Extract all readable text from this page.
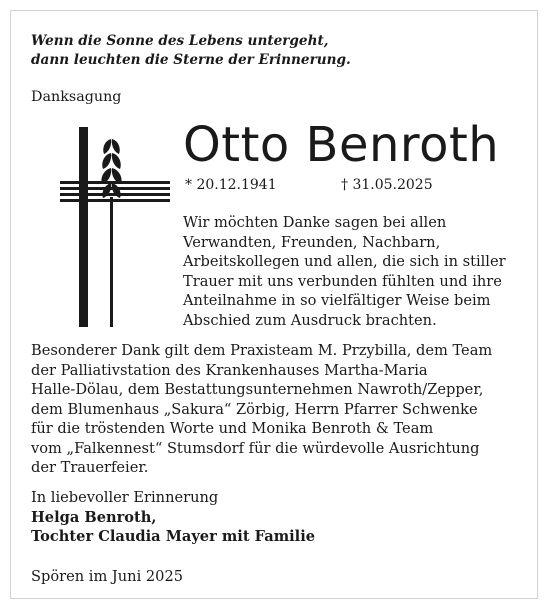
Wenn die Sonne des Lebens untergeht,
dann leuchten die Sterne der Erinnerung.
Danksagung
Otto Benroth
* 20.12.1941	† 31.05.2025
Wir möchten Danke sagen bei allen
Verwandten, Freunden, Nachbarn,
Arbeitskollegen und allen, die sich in stiller
Trauer mit uns verbunden fühlten und ihre
Anteilnahme in so vielfältiger Weise beim
Abschied zum Ausdruck brachten.
Besonderer Dank gilt dem Praxisteam M. Przybilla, dem Team
der Palliativstation des Krankenhauses Martha-Maria
Halle-Dölau, dem Bestattungsunternehmen Nawroth/Zepper,
dem Blumenhaus „Sakura“ Zörbig, Herrn Pfarrer Schwenke
für die tröstenden Worte und Monika Benroth & Team
vom „Falkennest“ Stumsdorf für die würdevolle Ausrichtung
der Trauerfeier.
In liebevoller Erinnerung
Helga Benroth,
Tochter Claudia Mayer mit Familie
Spören im Juni 2025
